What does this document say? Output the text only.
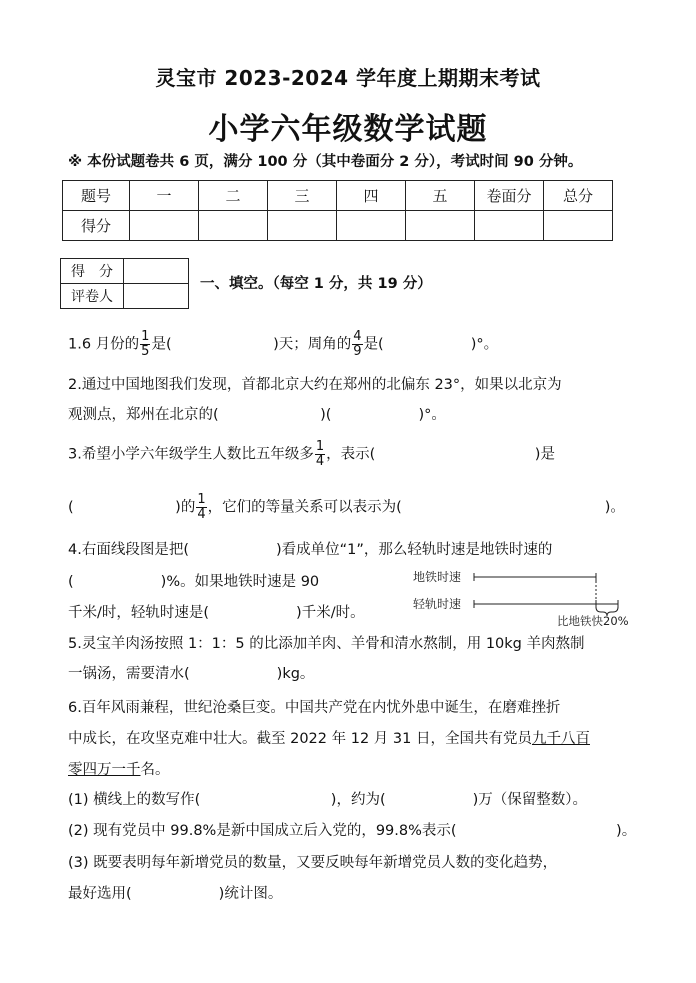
灵宝市 2023-2024 学年度上期期末考试
小学六年级数学试题
※ 本份试题卷共 6 页，满分 100 分（其中卷面分 2 分），考试时间 90 分钟。
题号	一	二	三	四	五	卷面分	总分
得分							
得　分	
评卷人	
一、填空。（每空 1 分，共 19 分）
1.6 月份的 $\frac{1}{5}$ 是(　　　　　　　)天；周角的 $\frac{4}{9}$ 是(　　　　　　)°。
2.通过中国地图我们发现，首都北京大约在郑州的北偏东 23°，如果以北京为
观测点，郑州在北京的(　　　　　　　)(　　　　　　)°。
3.希望小学六年级学生人数比五年级多 $\frac{1}{4}$ ，表示(　　　　　　　　　　　)是
(　　　　　　　)的 $\frac{1}{4}$ ，它们的等量关系可以表示为(　　　　　　　　　　　　　　)。
4.右面线段图是把(　　　　　　)看成单位“1”，那么轻轨时速是地铁时速的
(　　　　　　)%。如果地铁时速是 90
千米/时，轻轨时速是(　　　　　　)千米/时。
地铁时速
轻轨时速
比地铁快20%
5.灵宝羊肉汤按照 1：1：5 的比添加羊肉、羊骨和清水熬制，用 10kg 羊肉熬制
一锅汤，需要清水(　　　　　　)kg。
6.百年风雨兼程，世纪沧桑巨变。中国共产党在内忧外患中诞生，在磨难挫折
中成长，在攻坚克难中壮大。截至 2022 年 12 月 31 日，全国共有党员九千八百
零四万一千名。
(1) 横线上的数写作(　　　　　　　　　)，约为(　　　　　　)万（保留整数）。
(2) 现有党员中 99.8%是新中国成立后入党的，99.8%表示(　　　　　　　　　　　)。
(3) 既要表明每年新增党员的数量，又要反映每年新增党员人数的变化趋势，
最好选用(　　　　　　)统计图。
